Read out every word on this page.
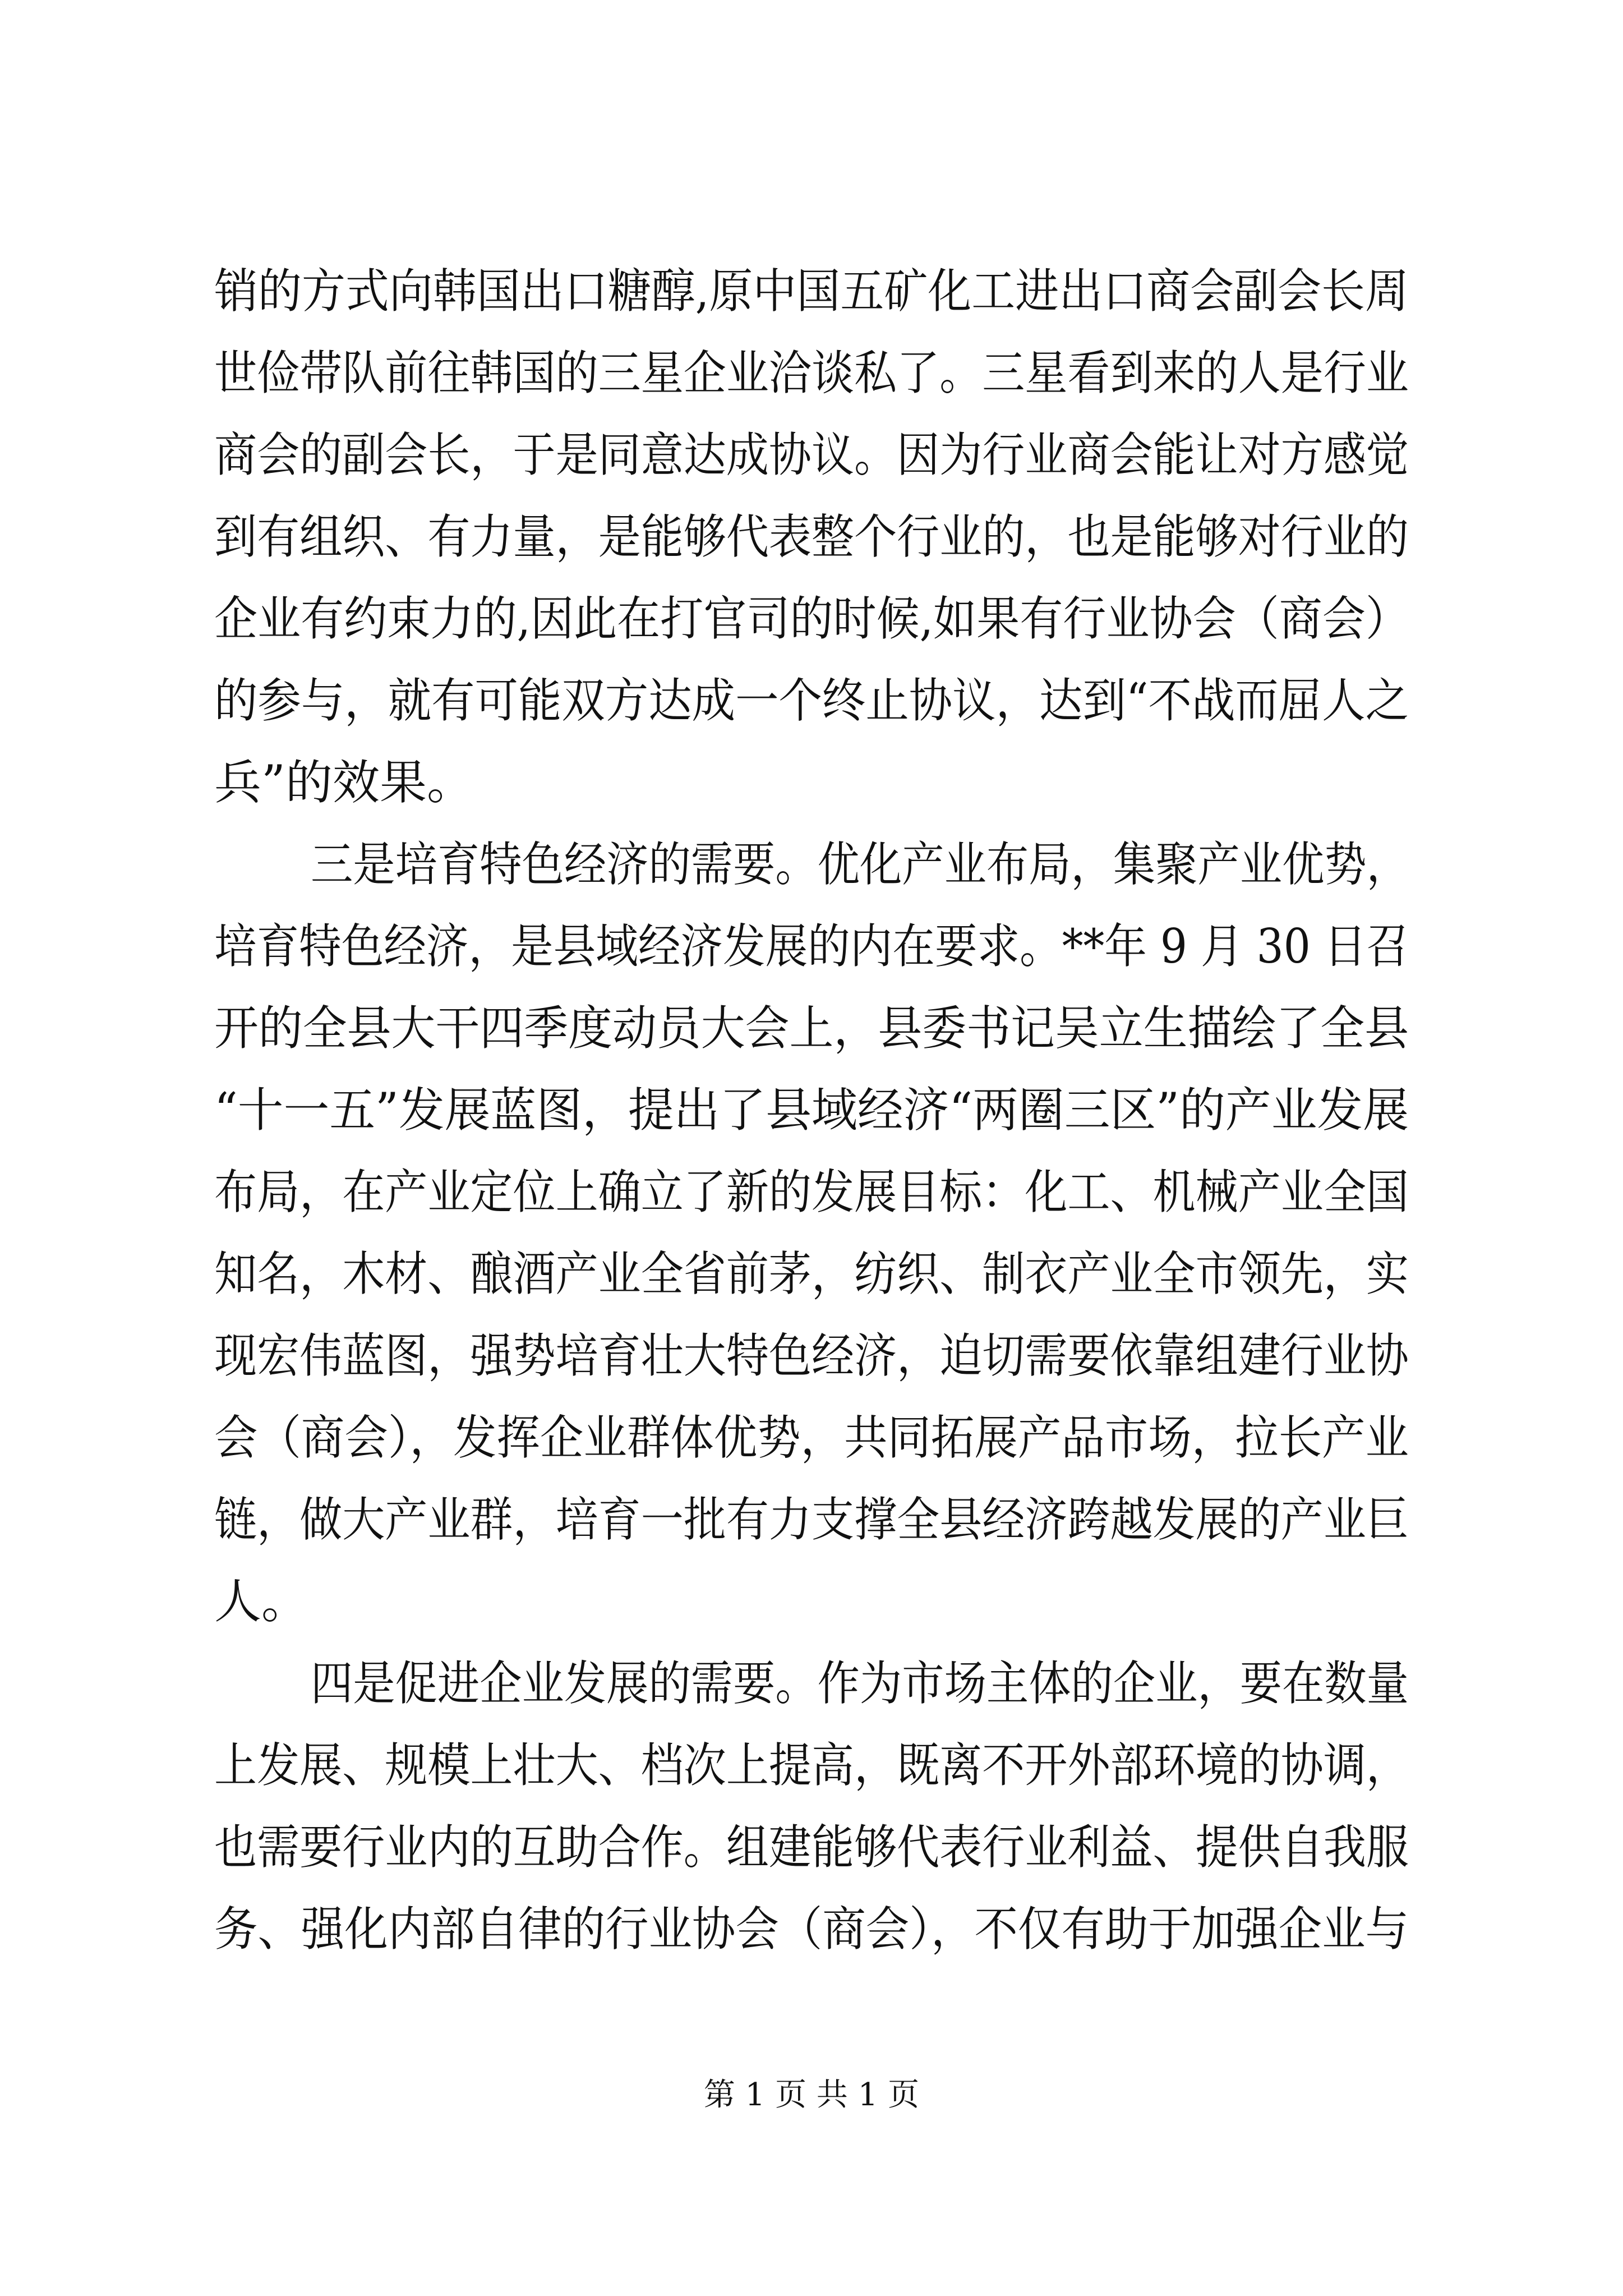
销的方式向韩国出口糖醇,原中国五矿化工进出口商会副会长周
世俭带队前往韩国的三星企业洽谈私了。三星看到来的人是行业
商会的副会长，于是同意达成协议。因为行业商会能让对方感觉
到有组织、有力量，是能够代表整个行业的，也是能够对行业的
企业有约束力的,因此在打官司的时候,如果有行业协会（商会）
的参与，就有可能双方达成一个终止协议，达到“不战而屈人之
兵”的效果。
三是培育特色经济的需要。优化产业布局，集聚产业优势，
培育特色经济，是县域经济发展的内在要求。**年 9 月 30 日召
开的全县大干四季度动员大会上，县委书记吴立生描绘了全县
“十一五”发展蓝图，提出了县域经济“两圈三区”的产业发展
布局，在产业定位上确立了新的发展目标：化工、机械产业全国
知名，木材、酿酒产业全省前茅，纺织、制衣产业全市领先，实
现宏伟蓝图，强势培育壮大特色经济，迫切需要依靠组建行业协
会（商会），发挥企业群体优势，共同拓展产品市场，拉长产业
链，做大产业群，培育一批有力支撑全县经济跨越发展的产业巨
人。
四是促进企业发展的需要。作为市场主体的企业，要在数量
上发展、规模上壮大、档次上提高，既离不开外部环境的协调，
也需要行业内的互助合作。组建能够代表行业利益、提供自我服
务、强化内部自律的行业协会（商会），不仅有助于加强企业与
第 1 页 共 1 页
